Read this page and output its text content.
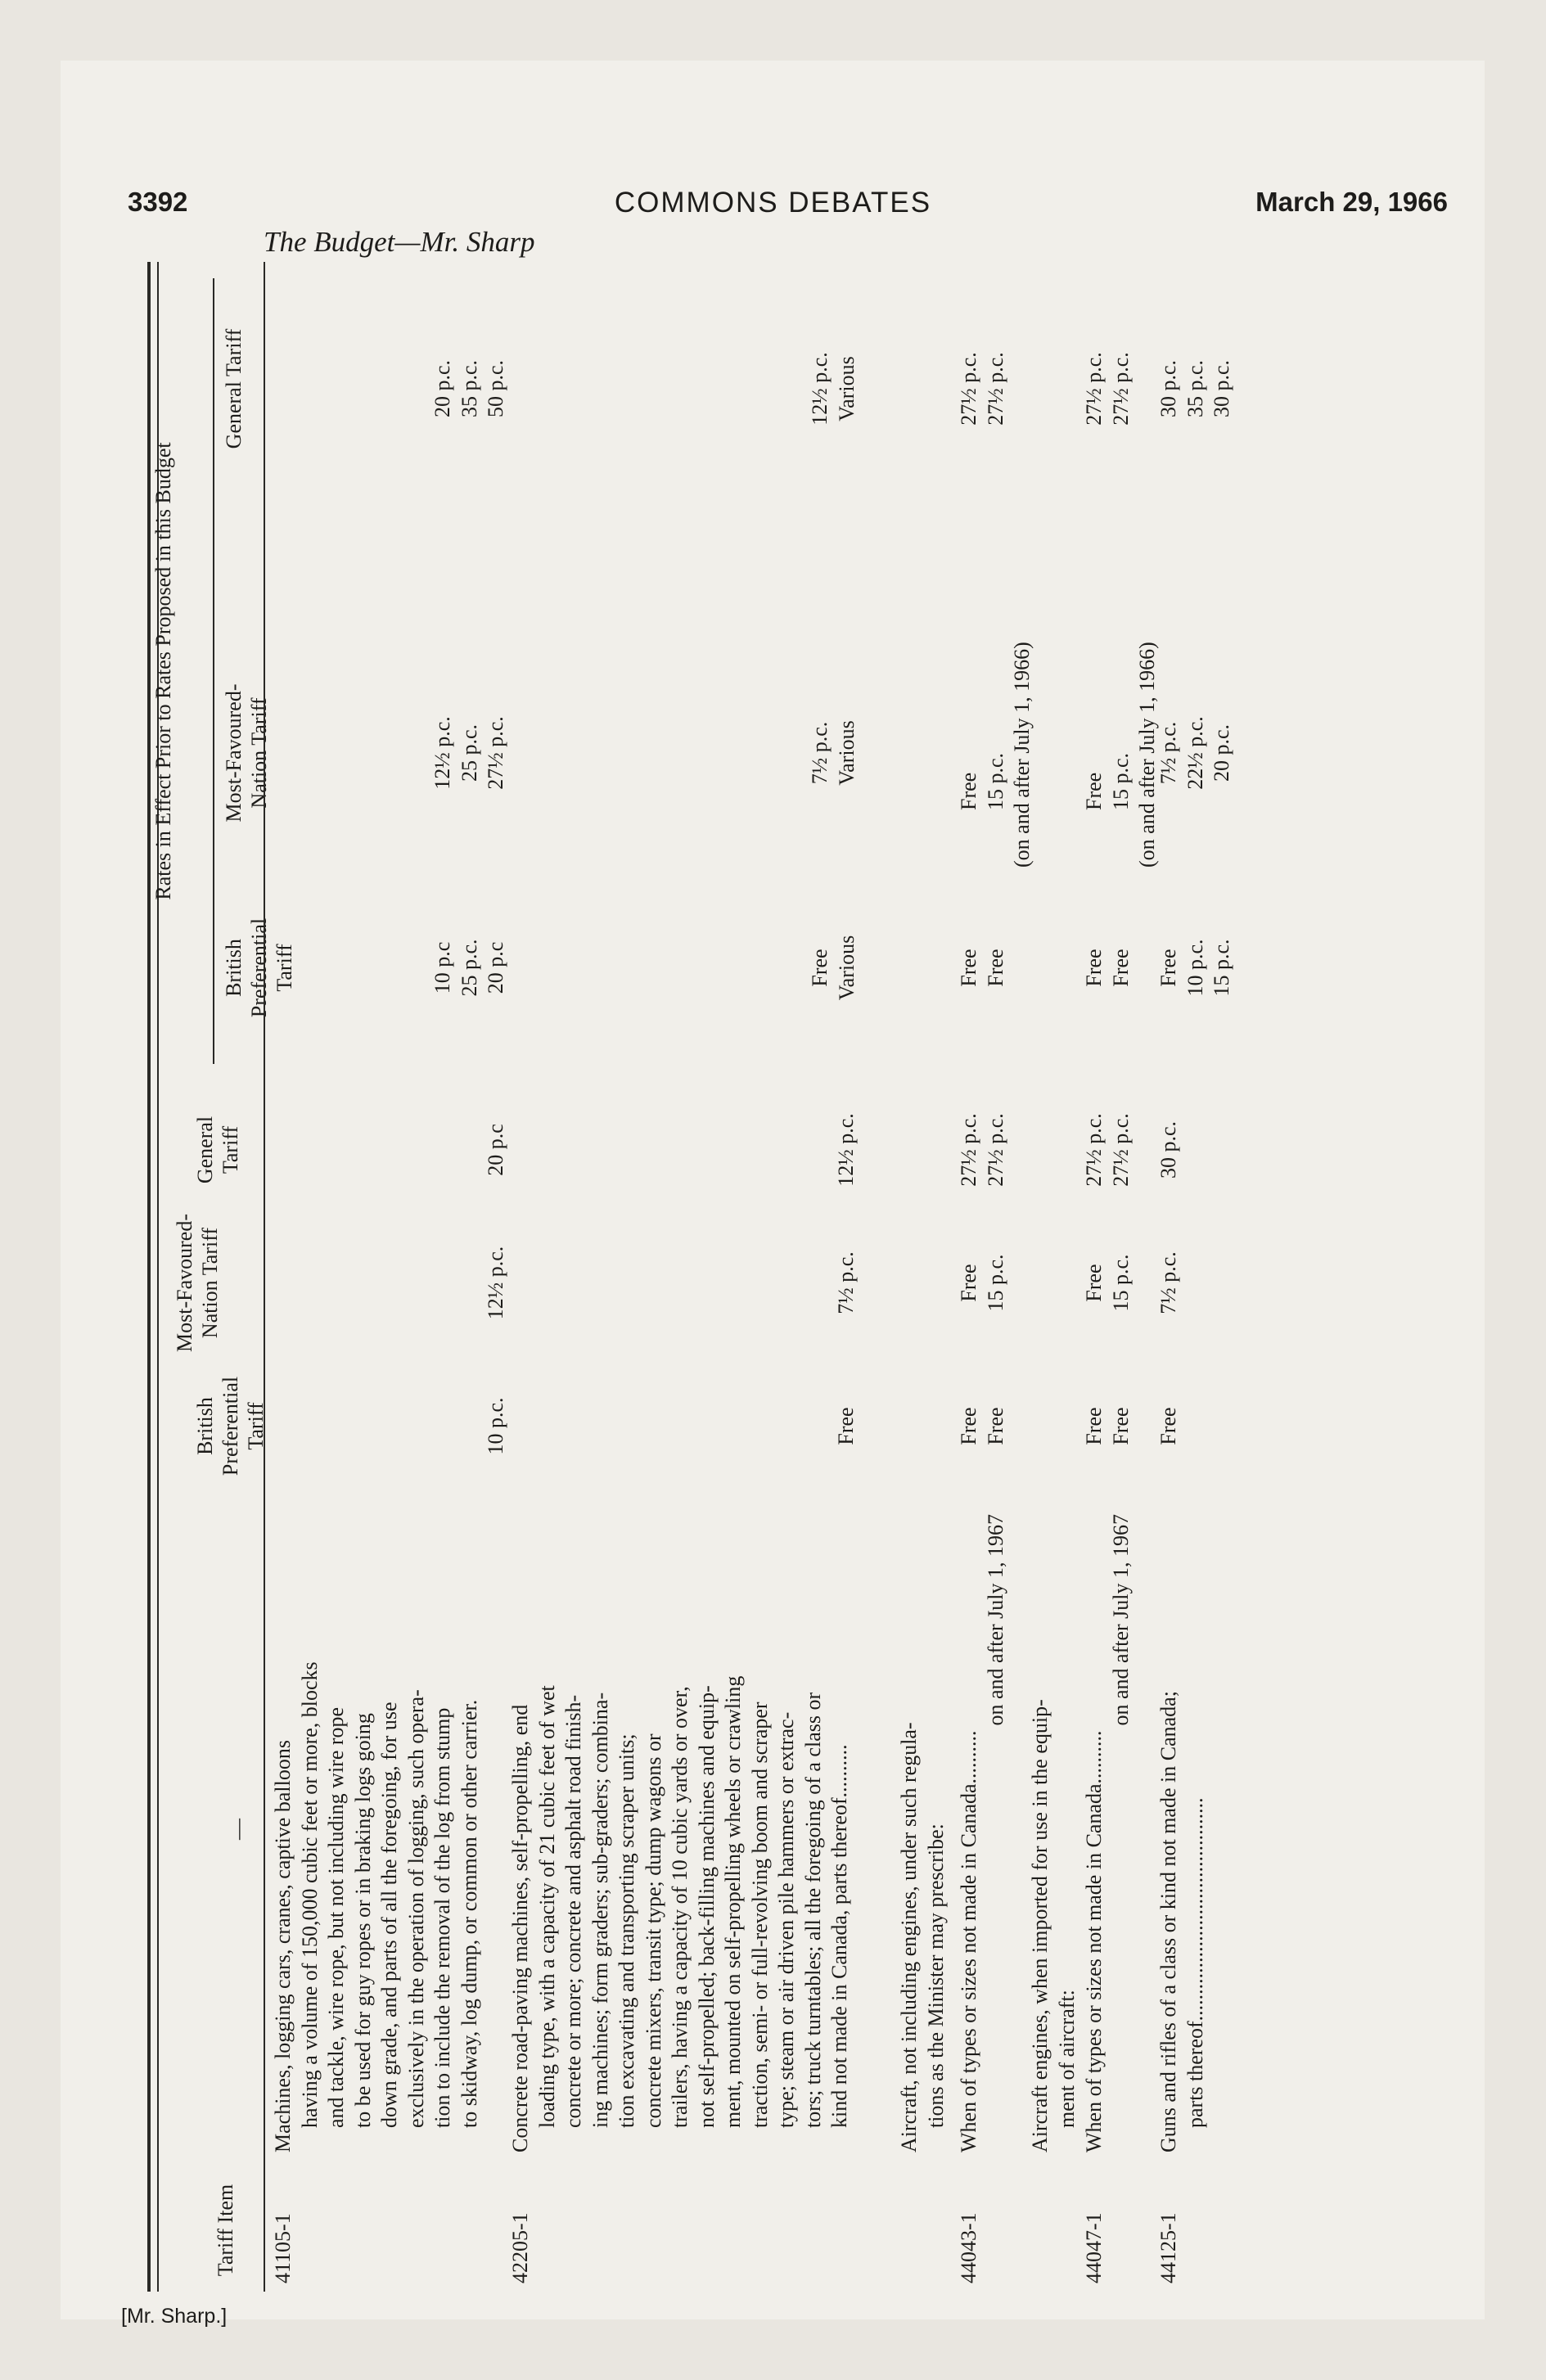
3392	COMMONS DEBATES	March 29, 1966
The Budget—Mr. Sharp
[Mr. Sharp.]
Tariff Item
—
British Preferential Tariff
Most-Favoured-Nation Tariff
General Tariff
Rates in Effect Prior to Rates Proposed in this Budget
British Preferential Tariff
Most-Favoured-Nation Tariff
General Tariff
41105-1

Machines, logging cars, cranes, captive balloons having a volume of 150,000 cubic feet or more, blocks and tackle, wire rope, but not including wire rope to be used for guy ropes or in braking logs going down grade, and parts of all the foregoing, for use exclusively in the operation of logging, such opera- tion to include the removal of the log from stump to skidway, log dump, or common or other carrier.

10 p.c.
12½ p.c.
20 p.c
10 p.c 25 p.c. 20 p.c
12½ p.c. 25 p.c. 27½ p.c.
20 p.c. 35 p.c. 50 p.c.
42205-1

Concrete road-paving machines, self-propelling, end loading type, with a capacity of 21 cubic feet of wet concrete or more; concrete and asphalt road finish- ing machines; form graders; sub-graders; combina- tion excavating and transporting scraper units; concrete mixers, transit type; dump wagons or trailers, having a capacity of 10 cubic yards or over, not self-propelled; back-filling machines and equip- ment, mounted on self-propelling wheels or crawling traction, semi- or full-revolving boom and scraper type; steam or air driven pile hammers or extrac- tors; truck turntables; all the foregoing of a class or kind not made in Canada, parts thereof..........

Free
7½ p.c.
12½ p.c.
Free Various
7½ p.c. Various
12½ p.c. Various

Aircraft, not including engines, under such regula- tions as the Minister may prescribe:

44043-1

When of types or sizes not made in Canada..........

on and after July 1, 1967

Free Free
Free 15 p.c.
27½ p.c. 27½ p.c.
Free Free
Free 15 p.c. (on and after July 1, 1966)
27½ p.c. 27½ p.c.

Aircraft engines, when imported for use in the equip- ment of aircraft:

44047-1

When of types or sizes not made in Canada..........

on and after July 1, 1967

Free Free
Free 15 p.c.
27½ p.c. 27½ p.c.
Free Free
Free 15 p.c. (on and after July 1, 1966)
27½ p.c. 27½ p.c.
44125-1

Guns and rifles of a class or kind not made in Canada; parts thereof..........................................

Free
7½ p.c.
30 p.c.
Free 10 p.c. 15 p.c.
7½ p.c. 22½ p.c. 20 p.c.
30 p.c. 35 p.c. 30 p.c.
